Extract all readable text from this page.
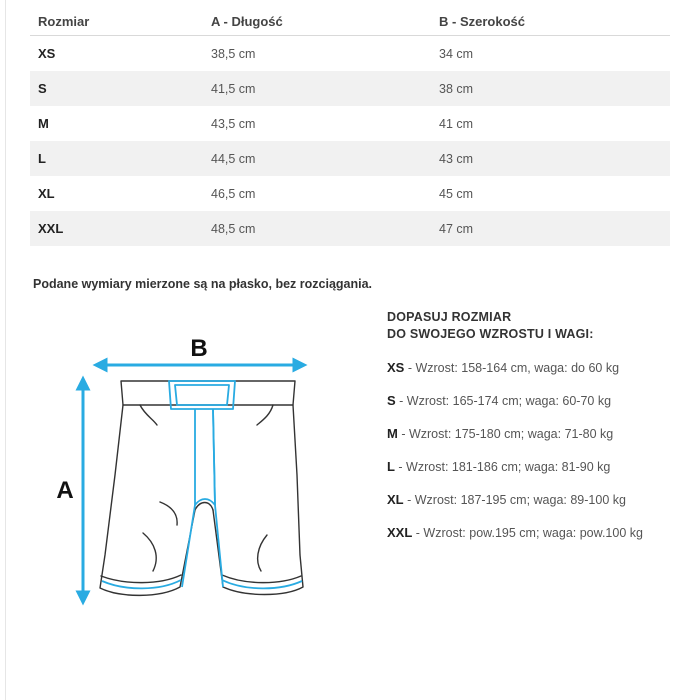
Rozmiar	A - Długość	B - Szerokość
XS	38,5 cm	34 cm
S	41,5 cm	38 cm
M	43,5 cm	41 cm
L	44,5 cm	43 cm
XL	46,5 cm	45 cm
XXL	48,5 cm	47 cm

Podane wymiary mierzone są na płasko, bez rozciągania.

B
A
DOPASUJ ROZMIAR
DO SWOJEGO WZROSTU I WAGI:
XS - Wzrost: 158-164 cm, waga: do 60 kg
S - Wzrost: 165-174 cm; waga: 60-70 kg
M - Wzrost: 175-180 cm; waga: 71-80 kg
L - Wzrost: 181-186 cm; waga: 81-90 kg
XL - Wzrost: 187-195 cm; waga: 89-100 kg
XXL - Wzrost: pow.195 cm; waga: pow.100 kg
